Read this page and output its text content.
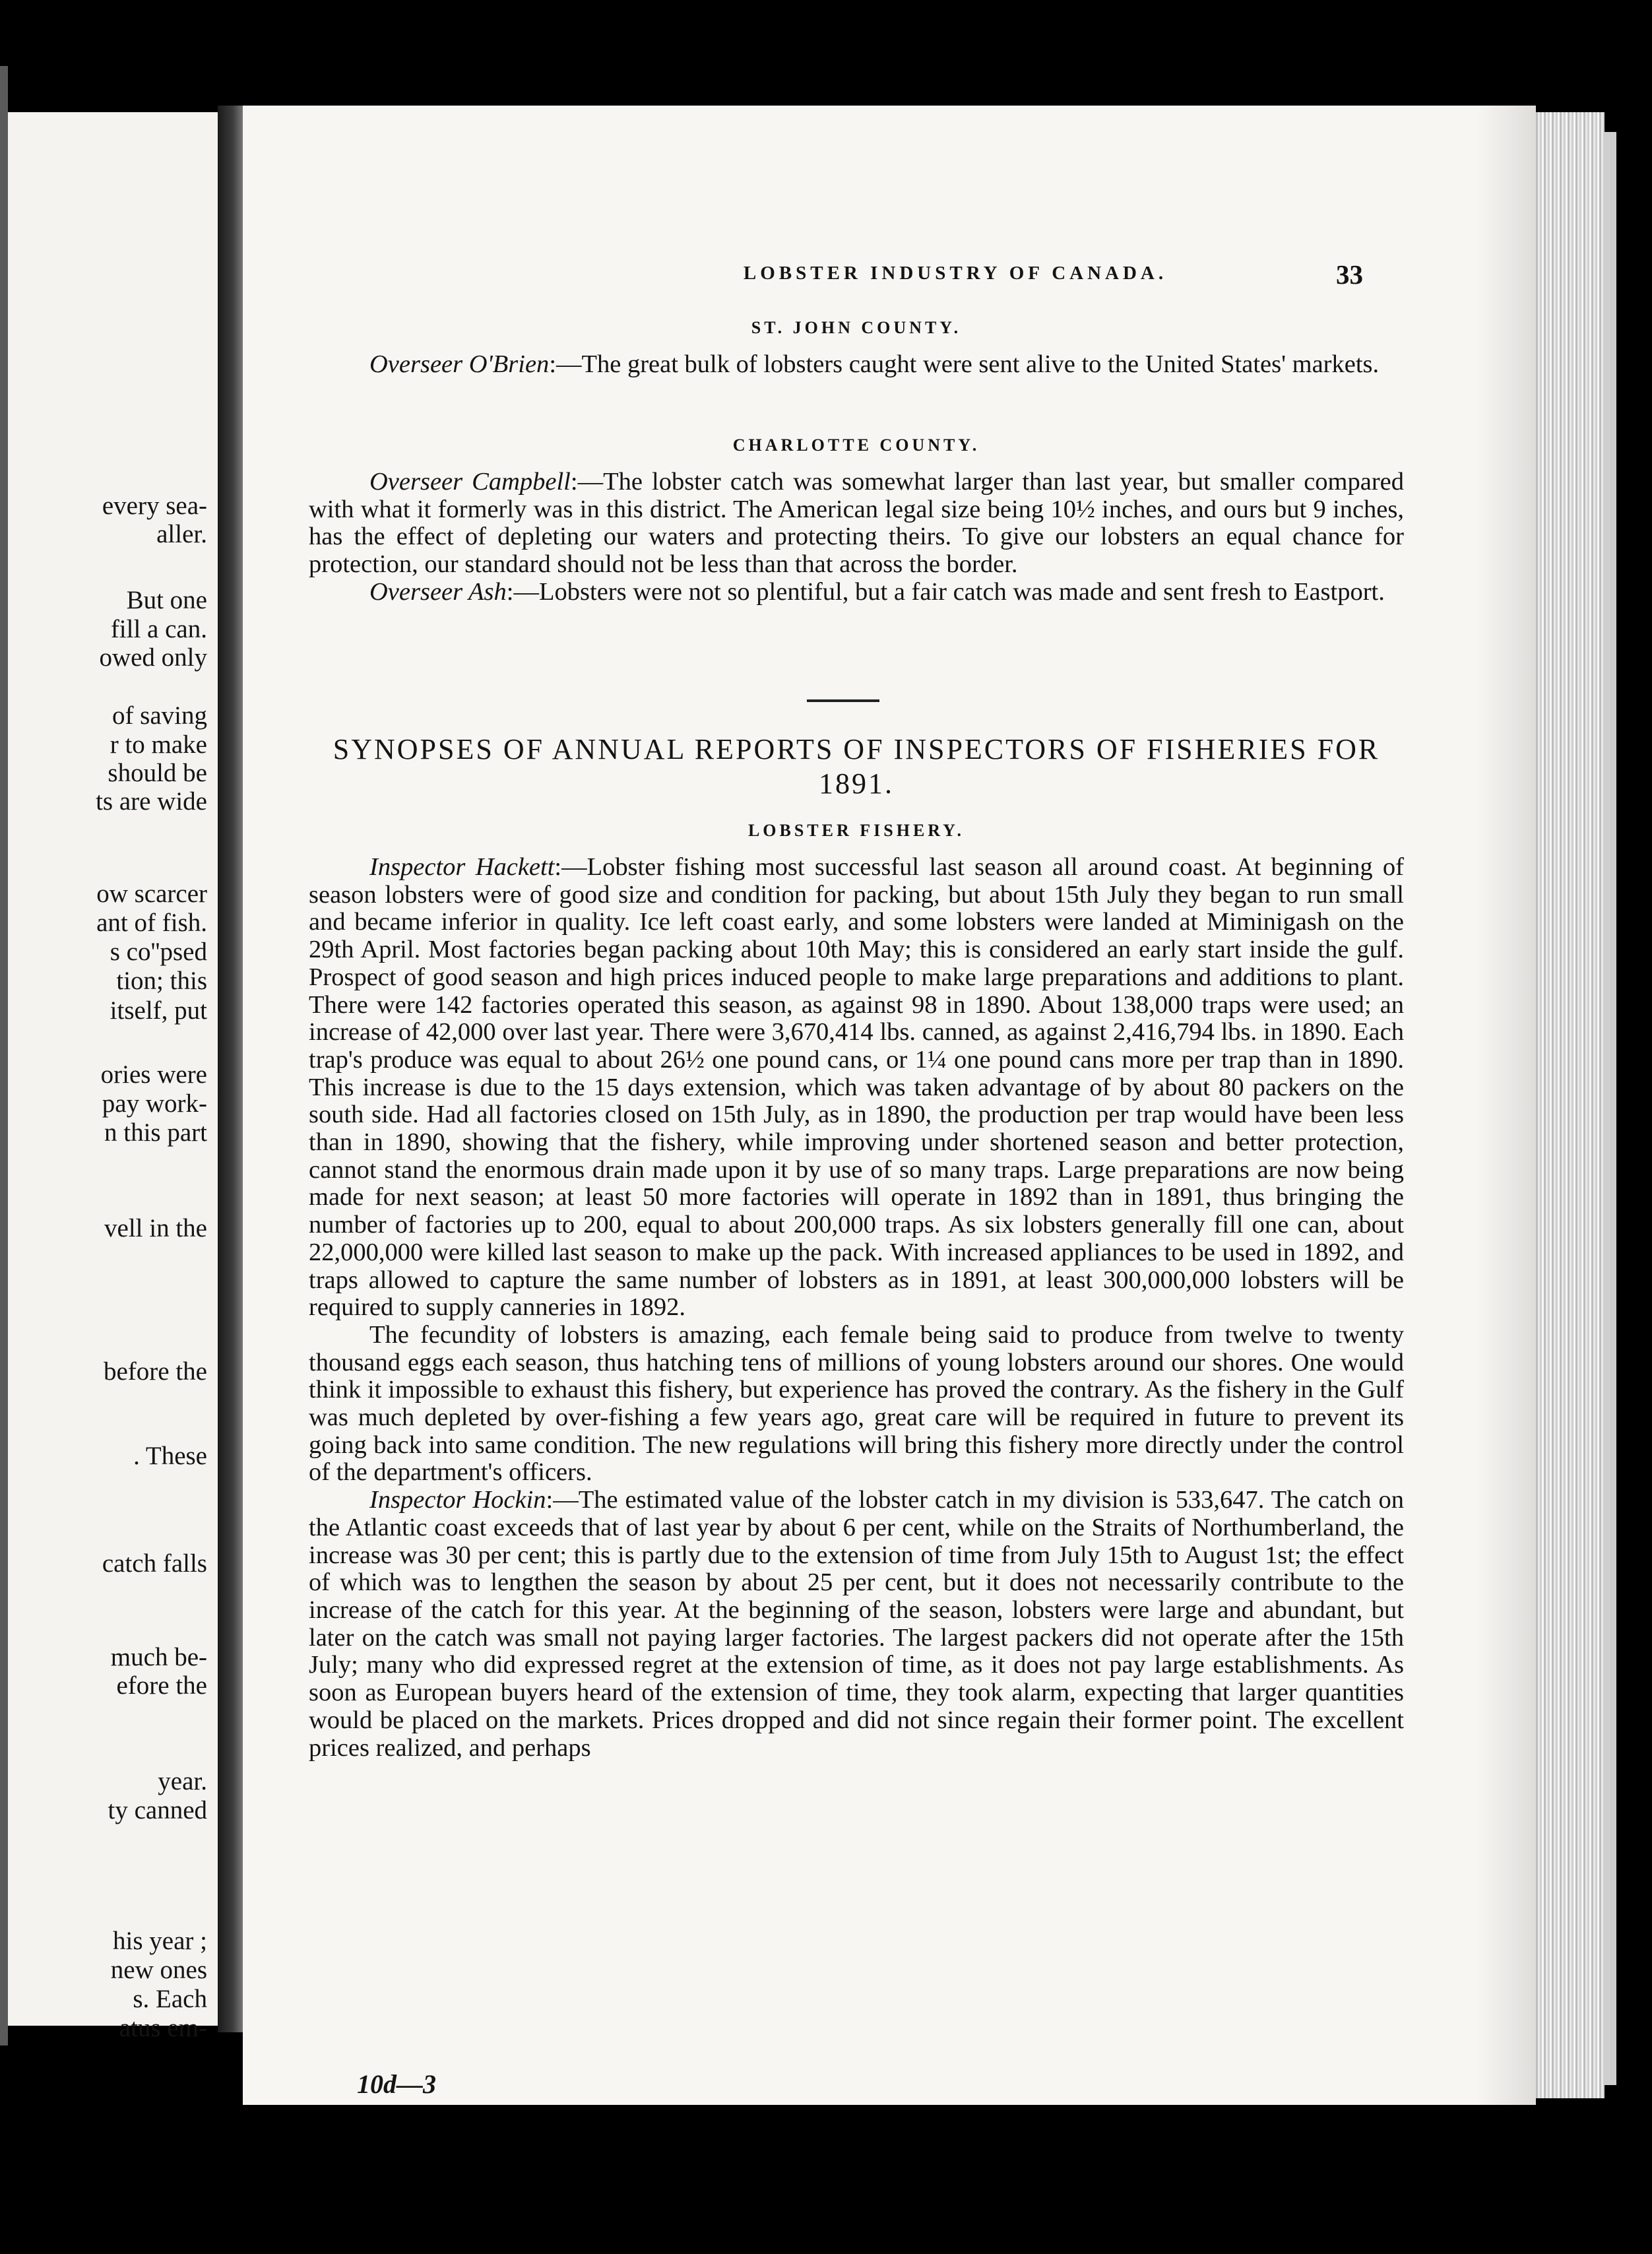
every sea-
aller.
But one
fill a can.
owed only
of saving
r to make
should be
ts are wide
ow scarcer
ant of fish.
s co''psed
tion; this
itself, put
ories were
pay work-
n this part
vell in the
before the
. These
catch falls
much be-
efore the
year.
ty canned
his year ;
new ones
s. Each
atus em-
LOBSTER INDUSTRY OF CANADA.	33
ST. JOHN COUNTY.

Overseer O'Brien:—The great bulk of lobsters caught were sent alive to the United States' markets.

CHARLOTTE COUNTY.

Overseer Campbell:—The lobster catch was somewhat larger than last year, but smaller compared with what it formerly was in this district. The American legal size being 10½ inches, and ours but 9 inches, has the effect of depleting our waters and protecting theirs. To give our lobsters an equal chance for protection, our standard should not be less than that across the border.

Overseer Ash:—Lobsters were not so plentiful, but a fair catch was made and sent fresh to Eastport.

SYNOPSES OF ANNUAL REPORTS OF INSPECTORS OF FISHERIES FOR 1891.
LOBSTER FISHERY.

Inspector Hackett:—Lobster fishing most successful last season all around coast. At beginning of season lobsters were of good size and condition for packing, but about 15th July they began to run small and became inferior in quality. Ice left coast early, and some lobsters were landed at Miminigash on the 29th April. Most factories began packing about 10th May; this is considered an early start inside the gulf. Prospect of good season and high prices induced people to make large preparations and additions to plant. There were 142 factories operated this season, as against 98 in 1890. About 138,000 traps were used; an increase of 42,000 over last year. There were 3,670,414 lbs. canned, as against 2,416,794 lbs. in 1890. Each trap's produce was equal to about 26½ one pound cans, or 1¼ one pound cans more per trap than in 1890. This increase is due to the 15 days extension, which was taken advantage of by about 80 packers on the south side. Had all factories closed on 15th July, as in 1890, the production per trap would have been less than in 1890, showing that the fishery, while improving under shortened season and better protection, cannot stand the enormous drain made upon it by use of so many traps. Large preparations are now being made for next season; at least 50 more factories will operate in 1892 than in 1891, thus bringing the number of factories up to 200, equal to about 200,000 traps. As six lobsters generally fill one can, about 22,000,000 were killed last season to make up the pack. With increased appliances to be used in 1892, and traps allowed to capture the same number of lobsters as in 1891, at least 300,000,000 lobsters will be required to supply canneries in 1892.

The fecundity of lobsters is amazing, each female being said to produce from twelve to twenty thousand eggs each season, thus hatching tens of millions of young lobsters around our shores. One would think it impossible to exhaust this fishery, but experience has proved the contrary. As the fishery in the Gulf was much depleted by over-fishing a few years ago, great care will be required in future to prevent its going back into same condition. The new regulations will bring this fishery more directly under the control of the department's officers.

Inspector Hockin:—The estimated value of the lobster catch in my division is 533,647. The catch on the Atlantic coast exceeds that of last year by about 6 per cent, while on the Straits of Northumberland, the increase was 30 per cent; this is partly due to the extension of time from July 15th to August 1st; the effect of which was to lengthen the season by about 25 per cent, but it does not necessarily contribute to the increase of the catch for this year. At the beginning of the season, lobsters were large and abundant, but later on the catch was small not paying larger factories. The largest packers did not operate after the 15th July; many who did expressed regret at the extension of time, as it does not pay large establishments. As soon as European buyers heard of the extension of time, they took alarm, expecting that larger quantities would be placed on the markets. Prices dropped and did not since regain their former point. The excellent prices realized, and perhaps

10d—3
